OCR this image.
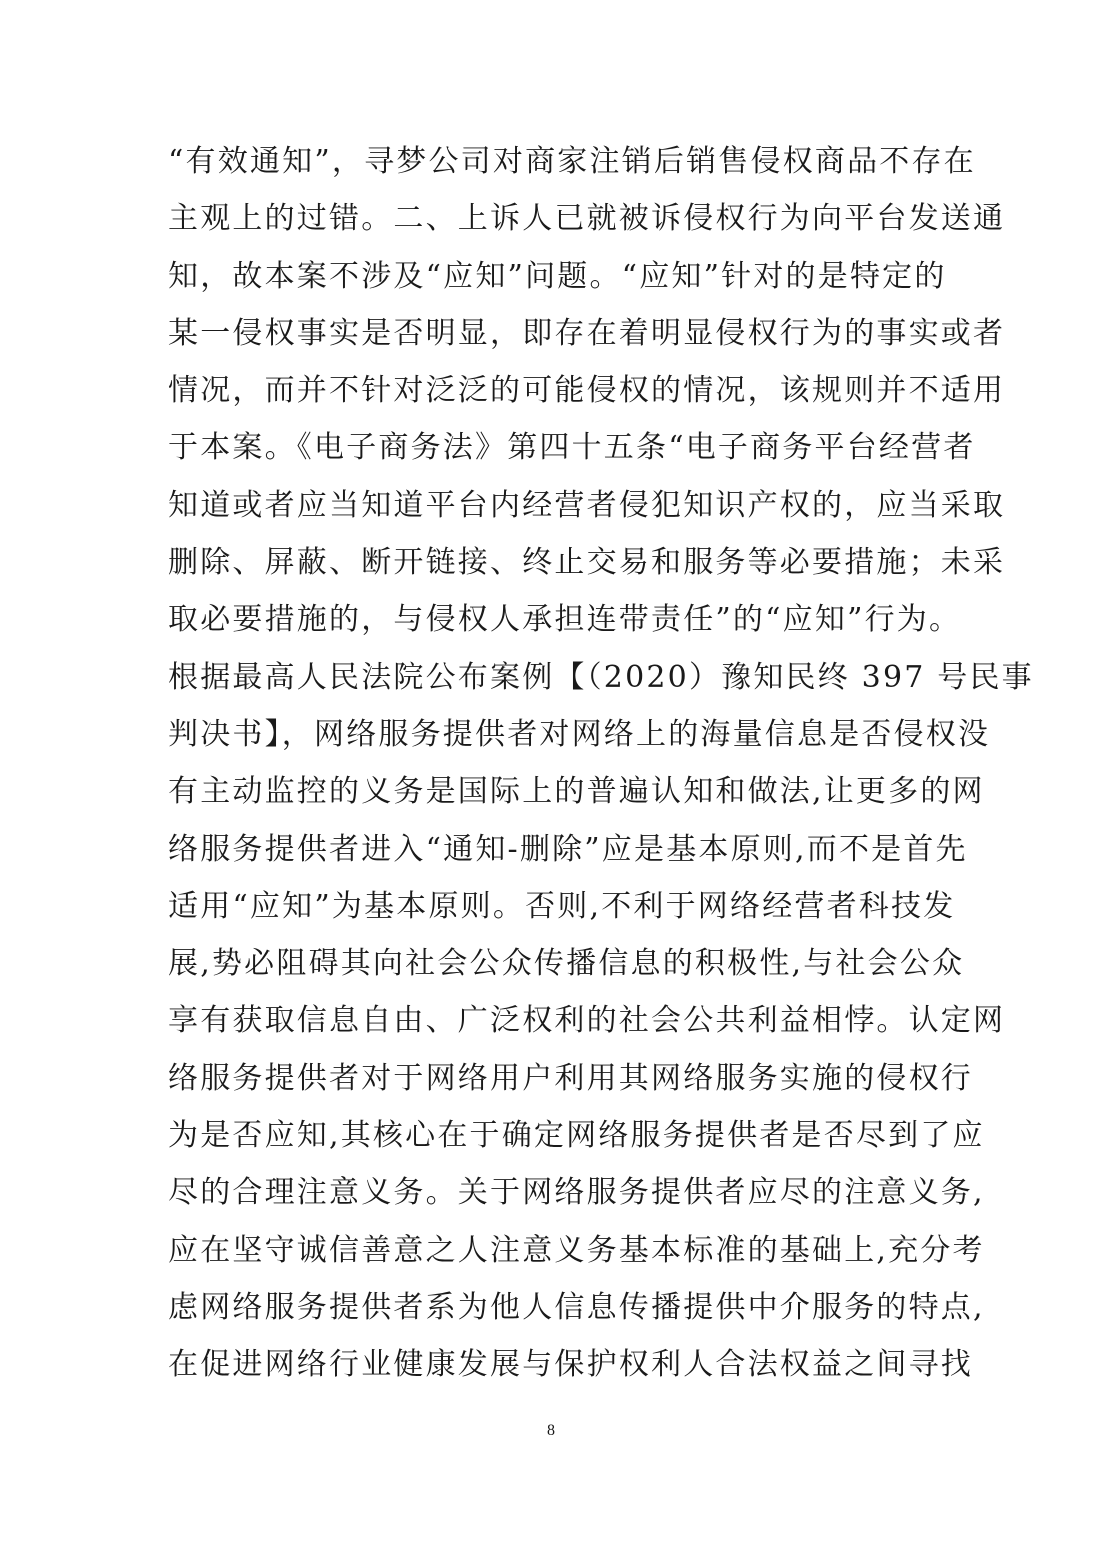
“有效通知”，寻梦公司对商家注销后销售侵权商品不存在
主观上的过错。二、上诉人已就被诉侵权行为向平台发送通
知，故本案不涉及“应知”问题。“应知”针对的是特定的
某一侵权事实是否明显，即存在着明显侵权行为的事实或者
情况，而并不针对泛泛的可能侵权的情况，该规则并不适用
于本案。《电子商务法》第四十五条“电子商务平台经营者
知道或者应当知道平台内经营者侵犯知识产权的，应当采取
删除、屏蔽、断开链接、终止交易和服务等必要措施；未采
取必要措施的，与侵权人承担连带责任”的“应知”行为。
根据最高人民法院公布案例【（2020）豫知民终 397 号民事
判决书】，网络服务提供者对网络上的海量信息是否侵权没
有主动监控的义务是国际上的普遍认知和做法,让更多的网
络服务提供者进入“通知-删除”应是基本原则,而不是首先
适用“应知”为基本原则。否则,不利于网络经营者科技发
展,势必阻碍其向社会公众传播信息的积极性,与社会公众
享有获取信息自由、广泛权利的社会公共利益相悖。认定网
络服务提供者对于网络用户利用其网络服务实施的侵权行
为是否应知,其核心在于确定网络服务提供者是否尽到了应
尽的合理注意义务。关于网络服务提供者应尽的注意义务,
应在坚守诚信善意之人注意义务基本标准的基础上,充分考
虑网络服务提供者系为他人信息传播提供中介服务的特点,
在促进网络行业健康发展与保护权利人合法权益之间寻找
8
